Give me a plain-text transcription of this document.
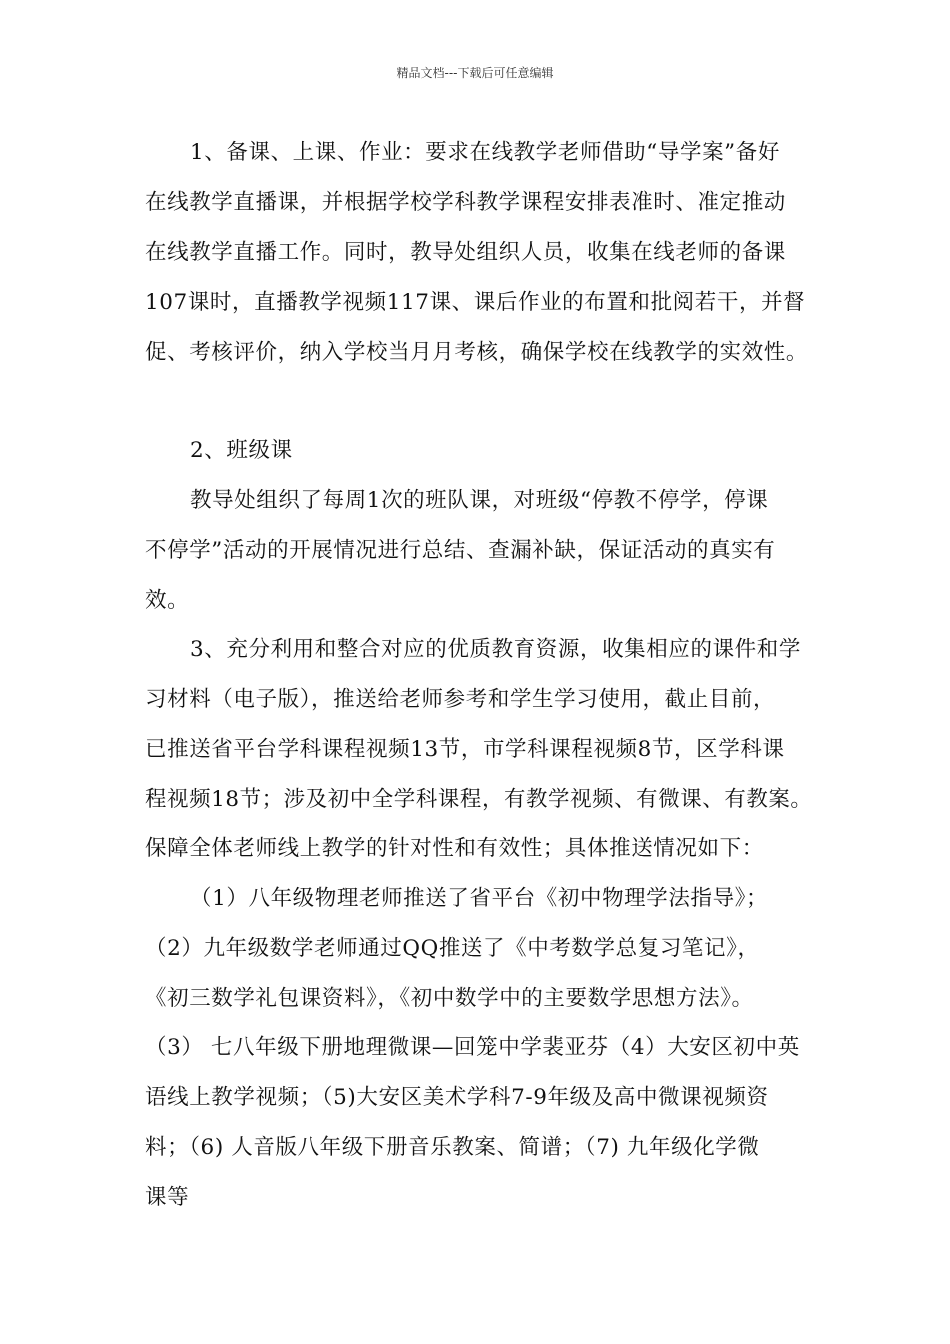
精品文档---下载后可任意编辑
1、备课、上课、作业：要求在线教学老师借助“导学案”备好
在线教学直播课，并根据学校学科教学课程安排表准时、准定推动
在线教学直播工作。同时，教导处组织人员，收集在线老师的备课
107课时，直播教学视频117课、课后作业的布置和批阅若干，并督
促、考核评价，纳入学校当月月考核，确保学校在线教学的实效性。
2、班级课
教导处组织了每周1次的班队课，对班级“停教不停学，停课
不停学”活动的开展情况进行总结、查漏补缺，保证活动的真实有
效。
3、充分利用和整合对应的优质教育资源，收集相应的课件和学
习材料（电子版），推送给老师参考和学生学习使用，截止目前，
已推送省平台学科课程视频13节，市学科课程视频8节，区学科课
程视频18节；涉及初中全学科课程，有教学视频、有微课、有教案。
保障全体老师线上教学的针对性和有效性；具体推送情况如下：
（1）八年级物理老师推送了省平台《初中物理学法指导》；
（2）九年级数学老师通过QQ推送了《中考数学总复习笔记》，
《初三数学礼包课资料》，《初中数学中的主要数学思想方法》。
（3） 七八年级下册地理微课—回笼中学裴亚芬（4）大安区初中英
语线上教学视频；（5)大安区美术学科7-9年级及高中微课视频资
料；（6) 人音版八年级下册音乐教案、简谱；（7) 九年级化学微
课等
